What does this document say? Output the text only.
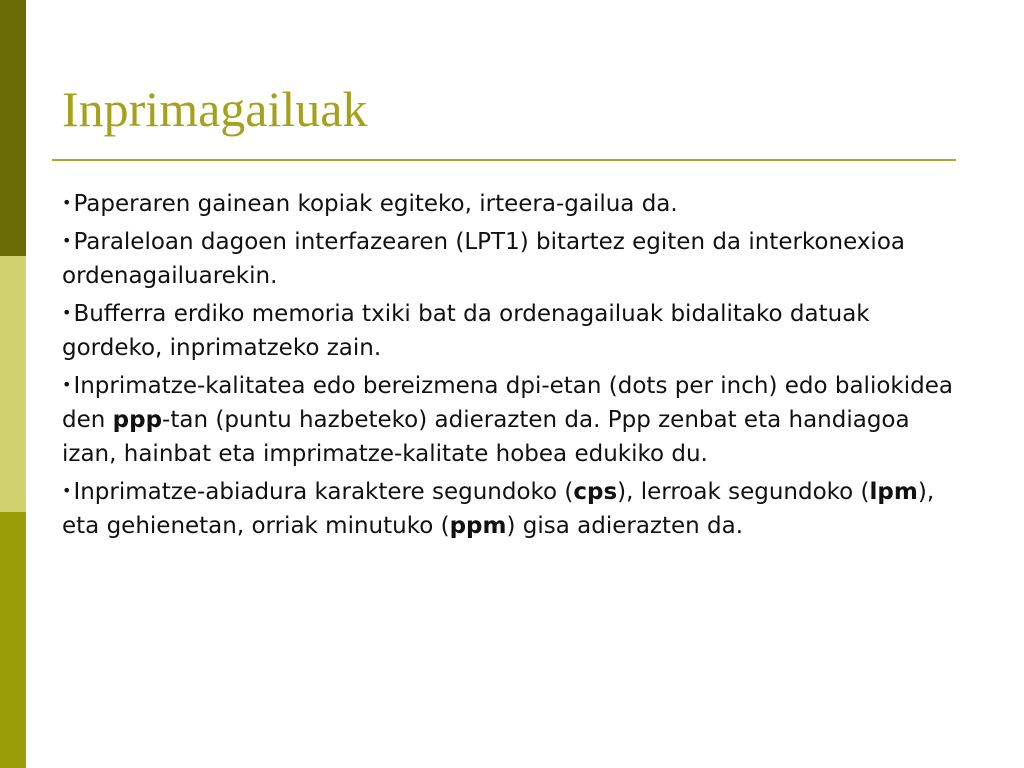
Inprimagailuak
•Paperaren gainean kopiak egiteko, irteera-gailua da.
•Paraleloan dagoen interfazearen (LPT1) bitartez egiten da interkonexioa ordenagailuarekin.
•Bufferra erdiko memoria txiki bat da ordenagailuak bidalitako datuak gordeko, inprimatzeko zain.
•Inprimatze-kalitatea edo bereizmena dpi-etan (dots per inch) edo baliokidea den ppp-tan (puntu hazbeteko) adierazten da. Ppp zenbat eta handiagoa izan, hainbat eta imprimatze-kalitate hobea edukiko du.
•Inprimatze-abiadura karaktere segundoko (cps), lerroak segundoko (lpm), eta gehienetan, orriak minutuko (ppm) gisa adierazten da.
